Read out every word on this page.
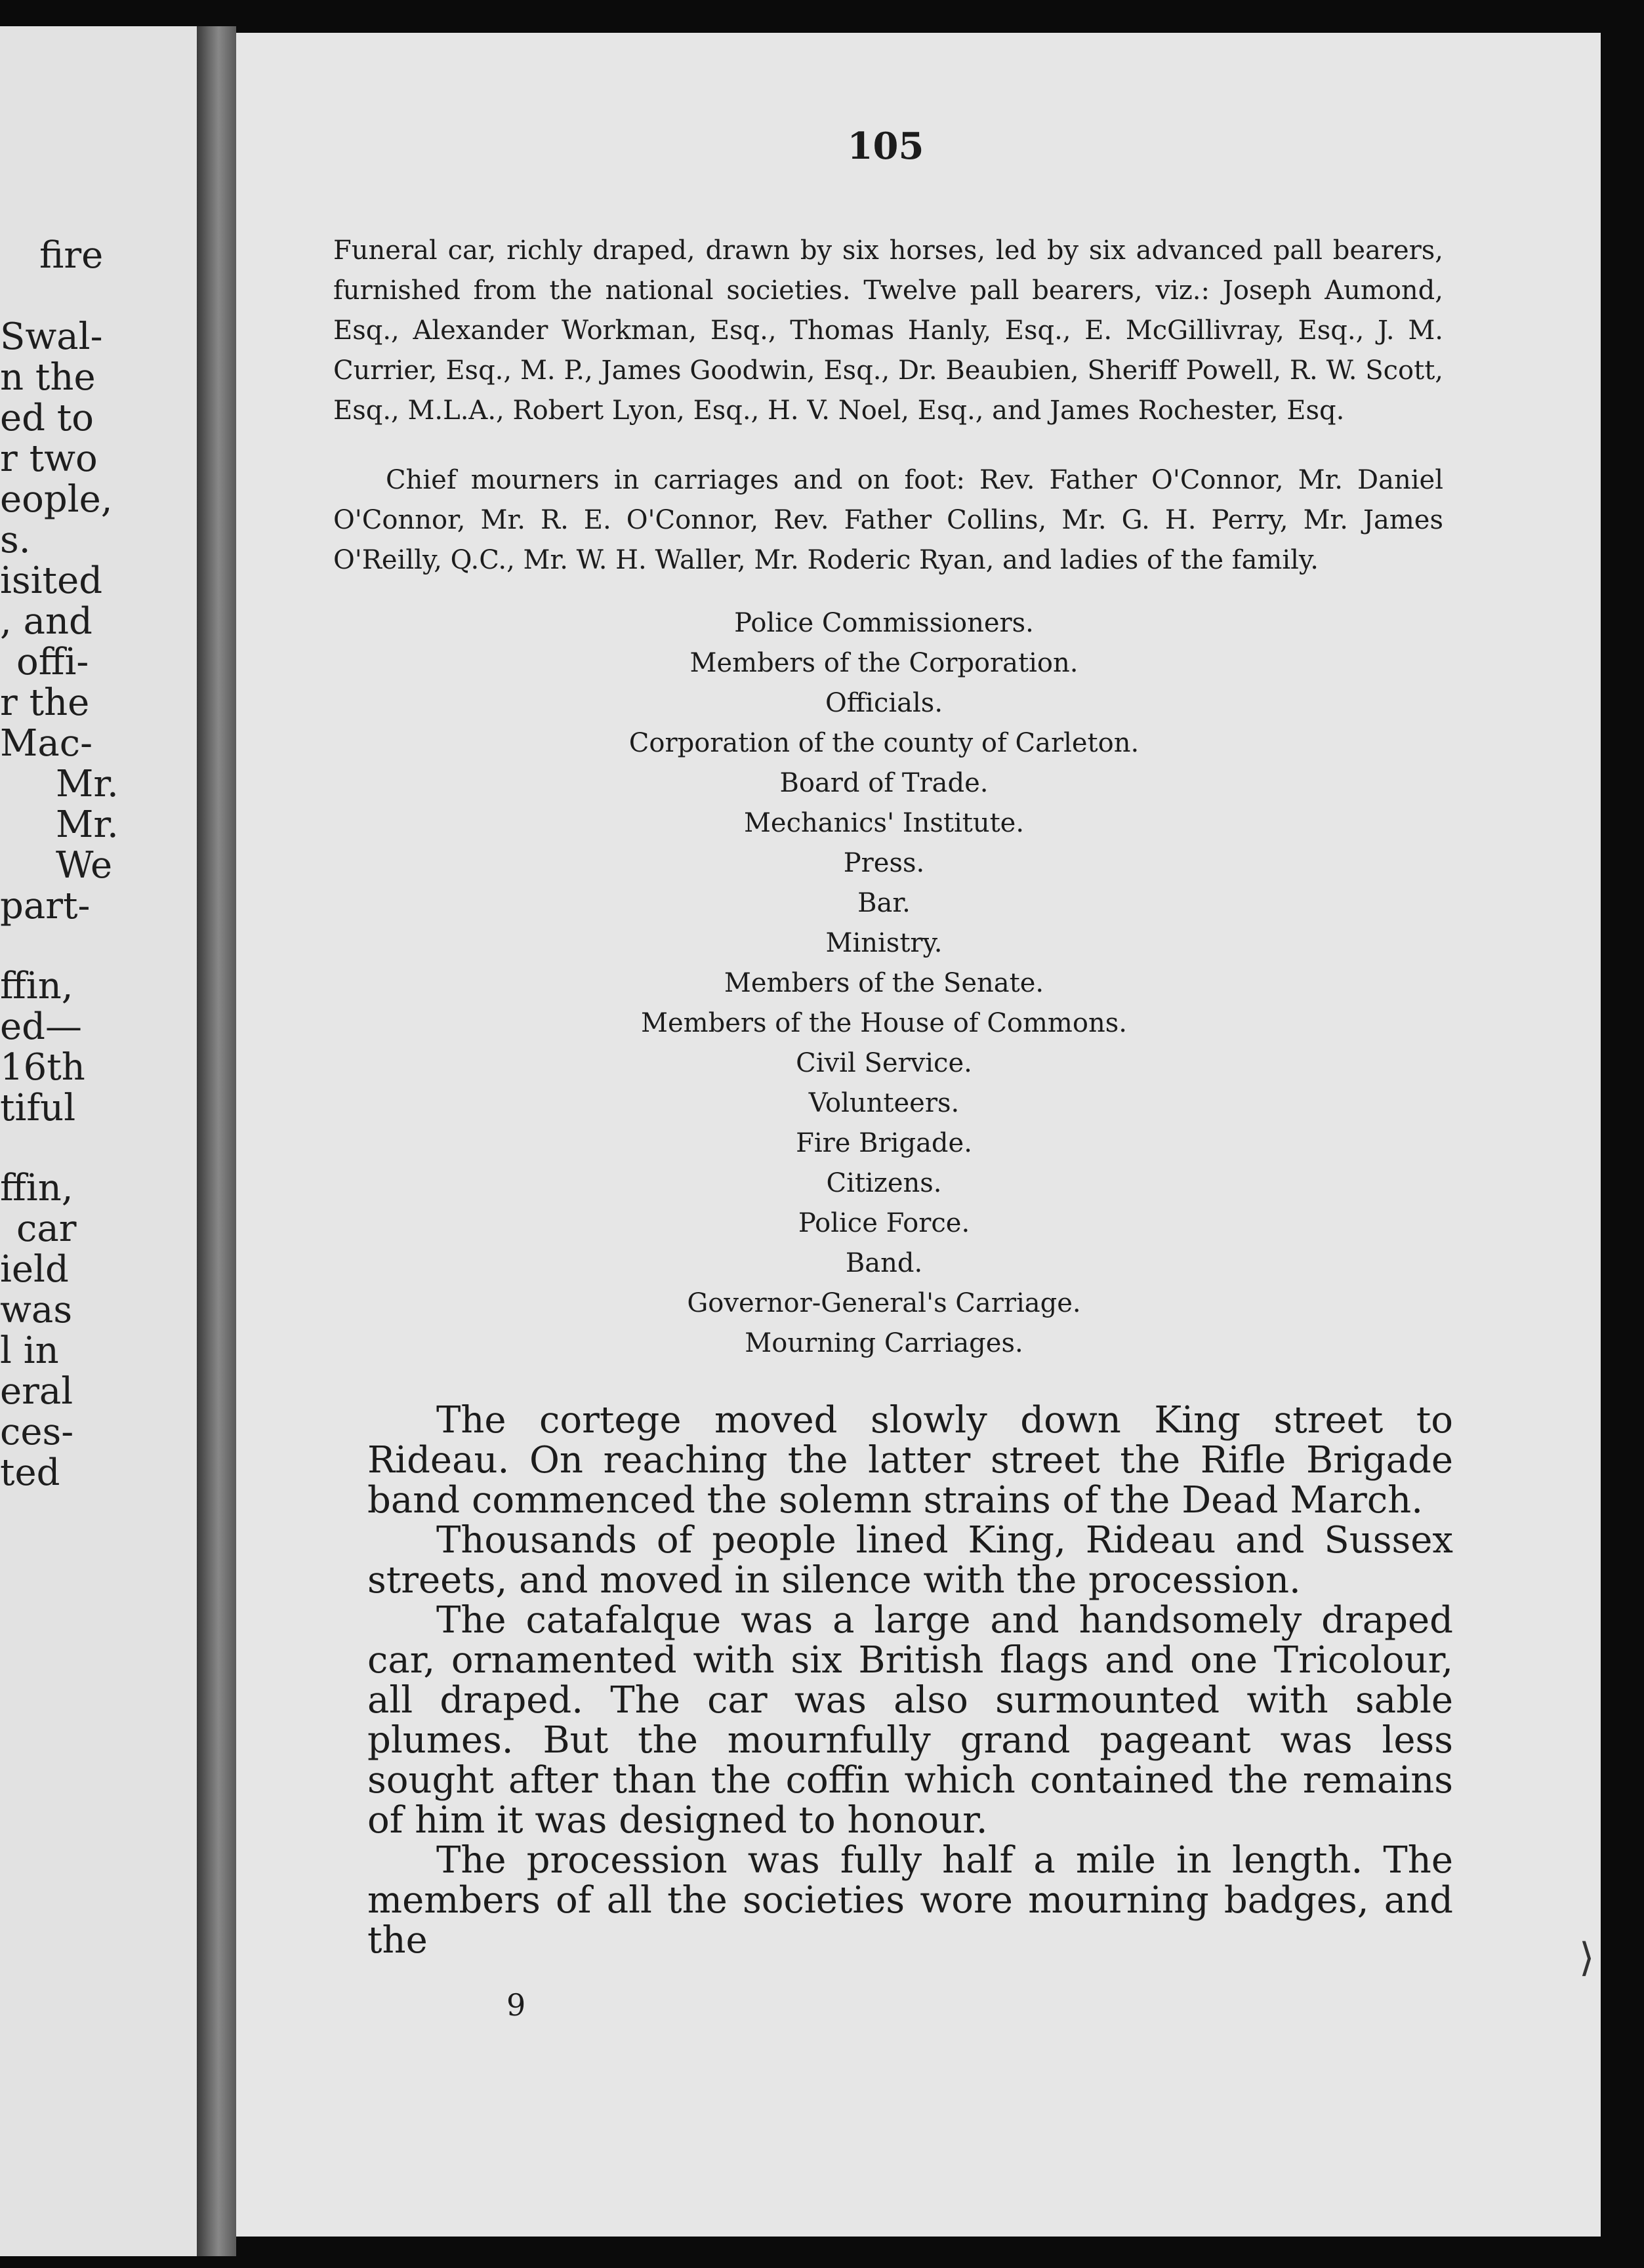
fire
Swal-
n the
ed to
r two
eople,
s.
isited
, and
offi-
r the
Mac-
Mr.
Mr.
We
part-
ffin,
ed—
16th
tiful
ffin,
car
ield
was
l in
eral
ces-
ted
105

Funeral car, richly draped, drawn by six horses, led by six advanced pall bearers, furnished from the national societies. Twelve pall bearers, viz.: Joseph Aumond, Esq., Alexander Workman, Esq., Thomas Hanly, Esq., E. McGillivray, Esq., J. M. Currier, Esq., M. P., James Goodwin, Esq., Dr. Beaubien, Sheriff Powell, R. W. Scott, Esq., M.L.A., Robert Lyon, Esq., H. V. Noel, Esq., and James Rochester, Esq.

Chief mourners in carriages and on foot: Rev. Father O'Connor, Mr. Daniel O'Connor, Mr. R. E. O'Connor, Rev. Father Collins, Mr. G. H. Perry, Mr. James O'Reilly, Q.C., Mr. W. H. Waller, Mr. Roderic Ryan, and ladies of the family.

Police Commissioners.
Members of the Corporation.
Officials.
Corporation of the county of Carleton.
Board of Trade.
Mechanics' Institute.
Press.
Bar.
Ministry.
Members of the Senate.
Members of the House of Commons.
Civil Service.
Volunteers.
Fire Brigade.
Citizens.
Police Force.
Band.
Governor-General's Carriage.
Mourning Carriages.

The cortege moved slowly down King street to Rideau. On reaching the latter street the Rifle Brigade band commenced the solemn strains of the Dead March.

Thousands of people lined King, Rideau and Sussex streets, and moved in silence with the procession.

The catafalque was a large and handsomely draped car, ornamented with six British flags and one Tricolour, all draped. The car was also surmounted with sable plumes. But the mournfully grand pageant was less sought after than the coffin which contained the remains of him it was designed to honour.

The procession was fully half a mile in length. The members of all the societies wore mourning badges, and the

9
⟩
